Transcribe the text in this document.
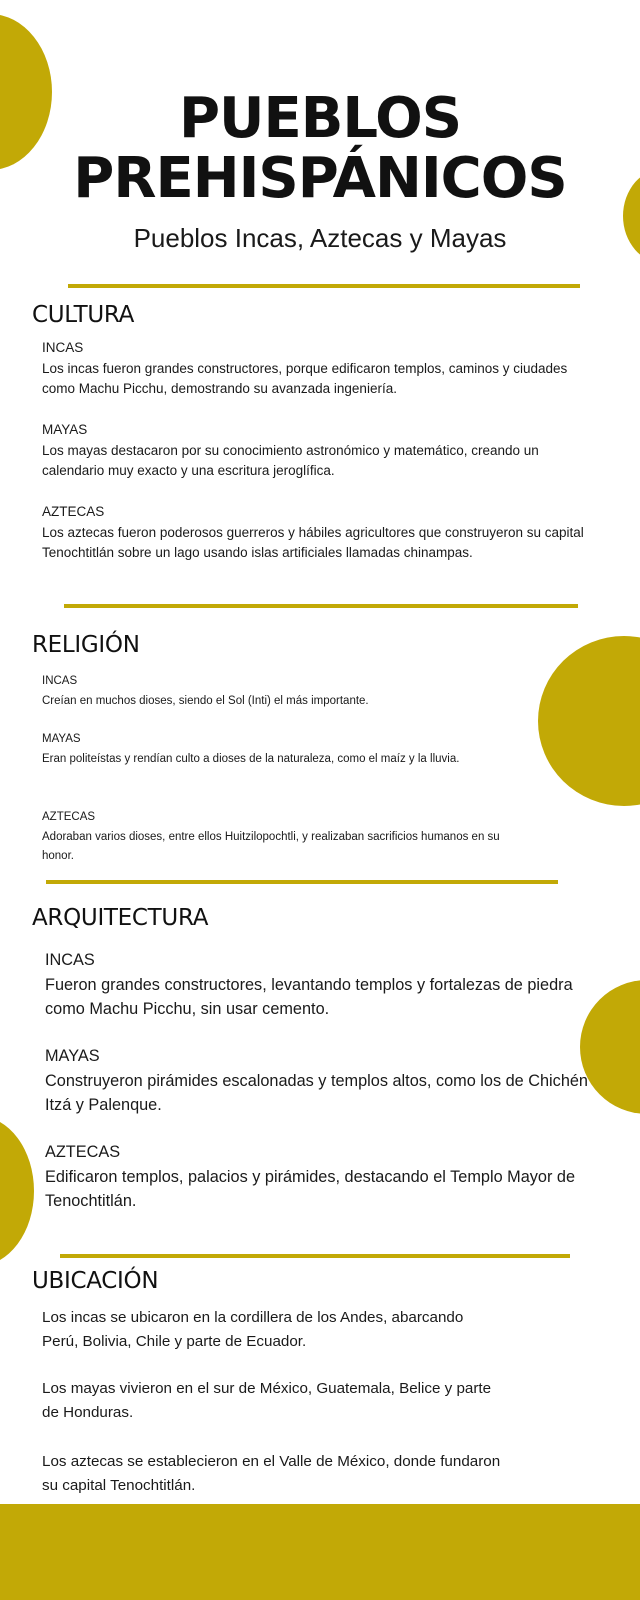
PUEBLOS
PREHISPÁNICOS

Pueblos Incas, Aztecas y Mayas

CULTURA
INCAS
Los incas fueron grandes constructores, porque edificaron templos, caminos y ciudades como Machu Picchu, demostrando su avanzada ingeniería.
MAYAS
Los mayas destacaron por su conocimiento astronómico y matemático, creando un calendario muy exacto y una escritura jeroglífica.
AZTECAS
Los aztecas fueron poderosos guerreros y hábiles agricultores que construyeron su capital Tenochtitlán sobre un lago usando islas artificiales llamadas chinampas.
RELIGIÓN
INCAS
Creían en muchos dioses, siendo el Sol (Inti) el más importante.
MAYAS
Eran politeístas y rendían culto a dioses de la naturaleza, como el maíz y la lluvia.
AZTECAS
Adoraban varios dioses, entre ellos Huitzilopochtli, y realizaban sacrificios humanos en su honor.
ARQUITECTURA
INCAS
Fueron grandes constructores, levantando templos y fortalezas de piedra como Machu Picchu, sin usar cemento.
MAYAS
Construyeron pirámides escalonadas y templos altos, como los de Chichén Itzá y Palenque.
AZTECAS
Edificaron templos, palacios y pirámides, destacando el Templo Mayor de Tenochtitlán.
UBICACIÓN

Los incas se ubicaron en la cordillera de los Andes, abarcando Perú, Bolivia, Chile y parte de Ecuador.

Los mayas vivieron en el sur de México, Guatemala, Belice y parte de Honduras.

Los aztecas se establecieron en el Valle de México, donde fundaron su capital Tenochtitlán.
